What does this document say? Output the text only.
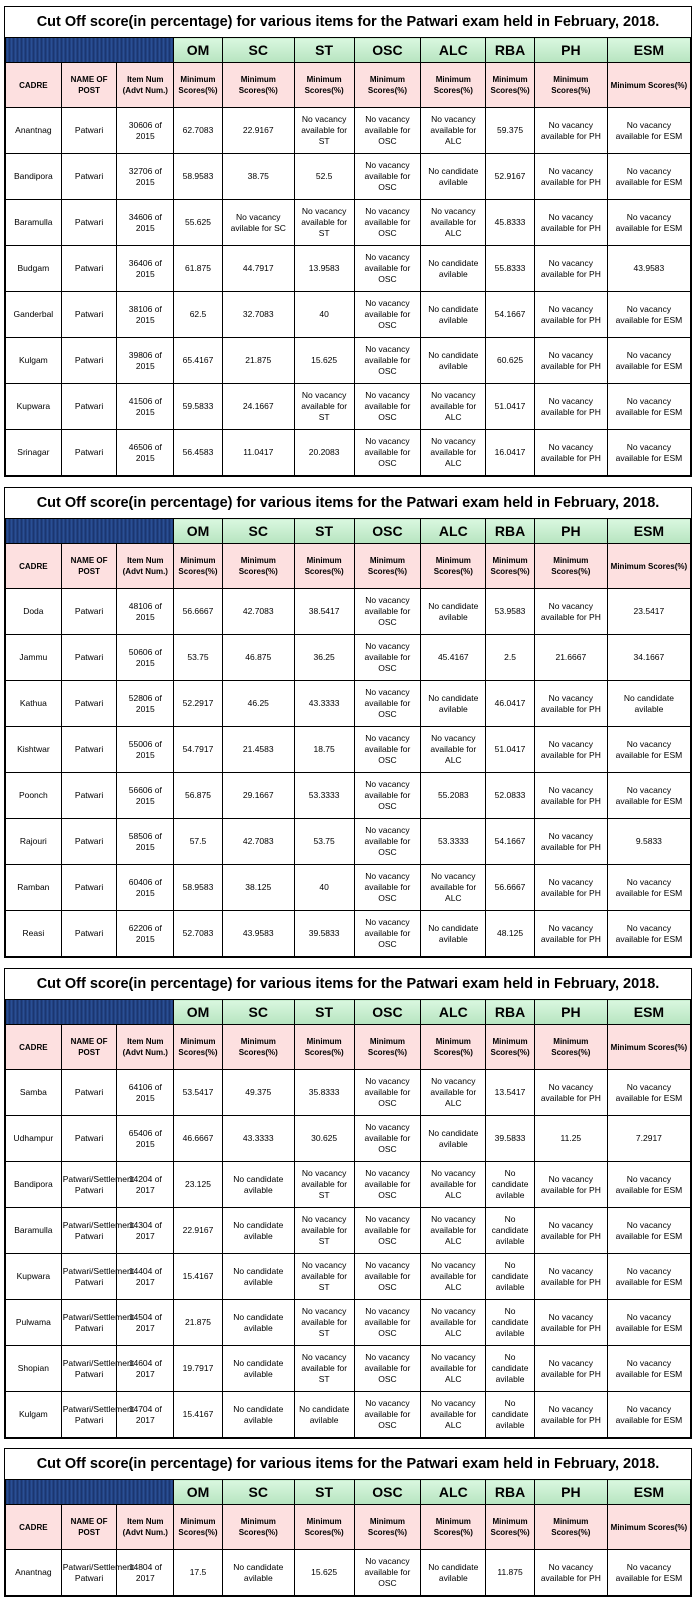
Cut Off score(in percentage) for various items for the Patwari exam held in February, 2018.
			OM	SC	ST	OSC	ALC	RBA	PH	ESM
CADRE	NAME OF POST	Item Num (Advt Num.)	Minimum Scores(%)	Minimum Scores(%)	Minimum Scores(%)	Minimum Scores(%)	Minimum Scores(%)	Minimum Scores(%)	Minimum Scores(%)	Minimum Scores(%)
Anantnag	Patwari	30606 of 2015	62.7083	22.9167	No vacancy available for ST	No vacancy available for OSC	No vacancy available for ALC	59.375	No vacancy available for PH	No vacancy available for ESM
Bandipora	Patwari	32706 of 2015	58.9583	38.75	52.5	No vacancy available for OSC	No candidate avilable	52.9167	No vacancy available for PH	No vacancy available for ESM
Baramulla	Patwari	34606 of 2015	55.625	No vacancy avilable for SC	No vacancy available for ST	No vacancy available for OSC	No vacancy available for ALC	45.8333	No vacancy available for PH	No vacancy available for ESM
Budgam	Patwari	36406 of 2015	61.875	44.7917	13.9583	No vacancy available for OSC	No candidate avilable	55.8333	No vacancy available for PH	43.9583
Ganderbal	Patwari	38106 of 2015	62.5	32.7083	40	No vacancy available for OSC	No candidate avilable	54.1667	No vacancy available for PH	No vacancy available for ESM
Kulgam	Patwari	39806 of 2015	65.4167	21.875	15.625	No vacancy available for OSC	No candidate avilable	60.625	No vacancy available for PH	No vacancy available for ESM
Kupwara	Patwari	41506 of 2015	59.5833	24.1667	No vacancy available for ST	No vacancy available for OSC	No vacancy available for ALC	51.0417	No vacancy available for PH	No vacancy available for ESM
Srinagar	Patwari	46506 of 2015	56.4583	11.0417	20.2083	No vacancy available for OSC	No vacancy available for ALC	16.0417	No vacancy available for PH	No vacancy available for ESM
Cut Off score(in percentage) for various items for the Patwari exam held in February, 2018.
			OM	SC	ST	OSC	ALC	RBA	PH	ESM
CADRE	NAME OF POST	Item Num (Advt Num.)	Minimum Scores(%)	Minimum Scores(%)	Minimum Scores(%)	Minimum Scores(%)	Minimum Scores(%)	Minimum Scores(%)	Minimum Scores(%)	Minimum Scores(%)
Doda	Patwari	48106 of 2015	56.6667	42.7083	38.5417	No vacancy available for OSC	No candidate avilable	53.9583	No vacancy available for PH	23.5417
Jammu	Patwari	50606 of 2015	53.75	46.875	36.25	No vacancy available for OSC	45.4167	2.5	21.6667	34.1667
Kathua	Patwari	52806 of 2015	52.2917	46.25	43.3333	No vacancy available for OSC	No candidate avilable	46.0417	No vacancy available for PH	No candidate avilable
Kishtwar	Patwari	55006 of 2015	54.7917	21.4583	18.75	No vacancy available for OSC	No vacancy available for ALC	51.0417	No vacancy available for PH	No vacancy available for ESM
Poonch	Patwari	56606 of 2015	56.875	29.1667	53.3333	No vacancy available for OSC	55.2083	52.0833	No vacancy available for PH	No vacancy available for ESM
Rajouri	Patwari	58506 of 2015	57.5	42.7083	53.75	No vacancy available for OSC	53.3333	54.1667	No vacancy available for PH	9.5833
Ramban	Patwari	60406 of 2015	58.9583	38.125	40	No vacancy available for OSC	No vacancy available for ALC	56.6667	No vacancy available for PH	No vacancy available for ESM
Reasi	Patwari	62206 of 2015	52.7083	43.9583	39.5833	No vacancy available for OSC	No candidate avilable	48.125	No vacancy available for PH	No vacancy available for ESM
Cut Off score(in percentage) for various items for the Patwari exam held in February, 2018.
			OM	SC	ST	OSC	ALC	RBA	PH	ESM
CADRE	NAME OF POST	Item Num (Advt Num.)	Minimum Scores(%)	Minimum Scores(%)	Minimum Scores(%)	Minimum Scores(%)	Minimum Scores(%)	Minimum Scores(%)	Minimum Scores(%)	Minimum Scores(%)
Samba	Patwari	64106 of 2015	53.5417	49.375	35.8333	No vacancy available for OSC	No vacancy available for ALC	13.5417	No vacancy available for PH	No vacancy available for ESM
Udhampur	Patwari	65406 of 2015	46.6667	43.3333	30.625	No vacancy available for OSC	No candidate avilable	39.5833	11.25	7.2917
Bandipora	Patwari/Settlement Patwari	14204 of 2017	23.125	No candidate avilable	No vacancy available for ST	No vacancy available for OSC	No vacancy available for ALC	No candidate avilable	No vacancy available for PH	No vacancy available for ESM
Baramulla	Patwari/Settlement Patwari	14304 of 2017	22.9167	No candidate avilable	No vacancy available for ST	No vacancy available for OSC	No vacancy available for ALC	No candidate avilable	No vacancy available for PH	No vacancy available for ESM
Kupwara	Patwari/Settlement Patwari	14404 of 2017	15.4167	No candidate avilable	No vacancy available for ST	No vacancy available for OSC	No vacancy available for ALC	No candidate avilable	No vacancy available for PH	No vacancy available for ESM
Pulwama	Patwari/Settlement Patwari	14504 of 2017	21.875	No candidate avilable	No vacancy available for ST	No vacancy available for OSC	No vacancy available for ALC	No candidate avilable	No vacancy available for PH	No vacancy available for ESM
Shopian	Patwari/Settlement Patwari	14604 of 2017	19.7917	No candidate avilable	No vacancy available for ST	No vacancy available for OSC	No vacancy available for ALC	No candidate avilable	No vacancy available for PH	No vacancy available for ESM
Kulgam	Patwari/Settlement Patwari	14704 of 2017	15.4167	No candidate avilable	No candidate avilable	No vacancy available for OSC	No vacancy available for ALC	No candidate avilable	No vacancy available for PH	No vacancy available for ESM
Cut Off score(in percentage) for various items for the Patwari exam held in February, 2018.
			OM	SC	ST	OSC	ALC	RBA	PH	ESM
CADRE	NAME OF POST	Item Num (Advt Num.)	Minimum Scores(%)	Minimum Scores(%)	Minimum Scores(%)	Minimum Scores(%)	Minimum Scores(%)	Minimum Scores(%)	Minimum Scores(%)	Minimum Scores(%)
Anantnag	Patwari/Settlement Patwari	14804 of 2017	17.5	No candidate avilable	15.625	No vacancy available for OSC	No candidate avilable	11.875	No vacancy available for PH	No vacancy available for ESM
